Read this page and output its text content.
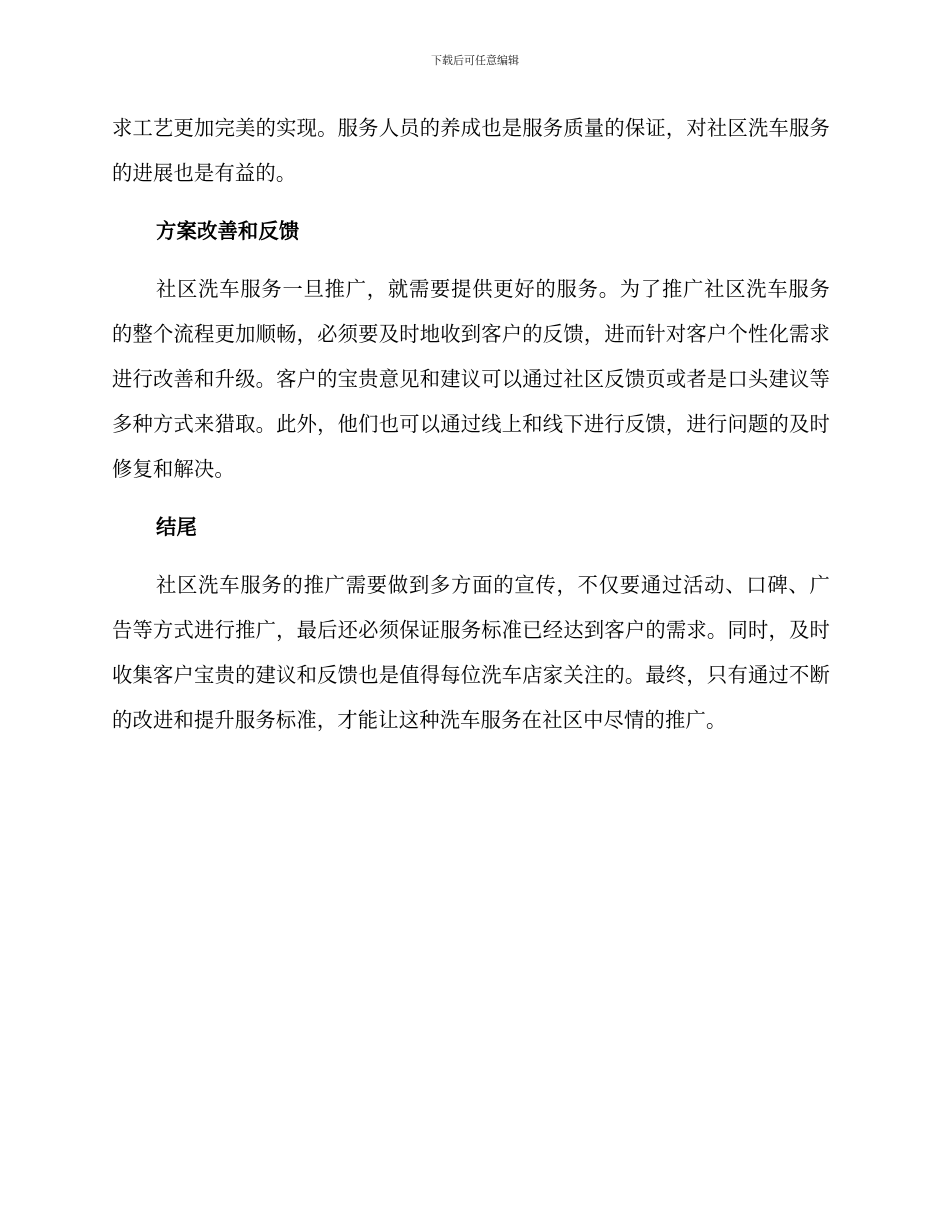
下载后可任意编辑

求工艺更加完美的实现。服务人员的养成也是服务质量的保证，对社区洗车服务的进展也是有益的。

方案改善和反馈

社区洗车服务一旦推广，就需要提供更好的服务。为了推广社区洗车服务的整个流程更加顺畅，必须要及时地收到客户的反馈，进而针对客户个性化需求进行改善和升级。客户的宝贵意见和建议可以通过社区反馈页或者是口头建议等多种方式来猎取。此外，他们也可以通过线上和线下进行反馈，进行问题的及时修复和解决。

结尾

社区洗车服务的推广需要做到多方面的宣传，不仅要通过活动、口碑、广告等方式进行推广，最后还必须保证服务标准已经达到客户的需求。同时，及时收集客户宝贵的建议和反馈也是值得每位洗车店家关注的。最终，只有通过不断的改进和提升服务标准，才能让这种洗车服务在社区中尽情的推广。
